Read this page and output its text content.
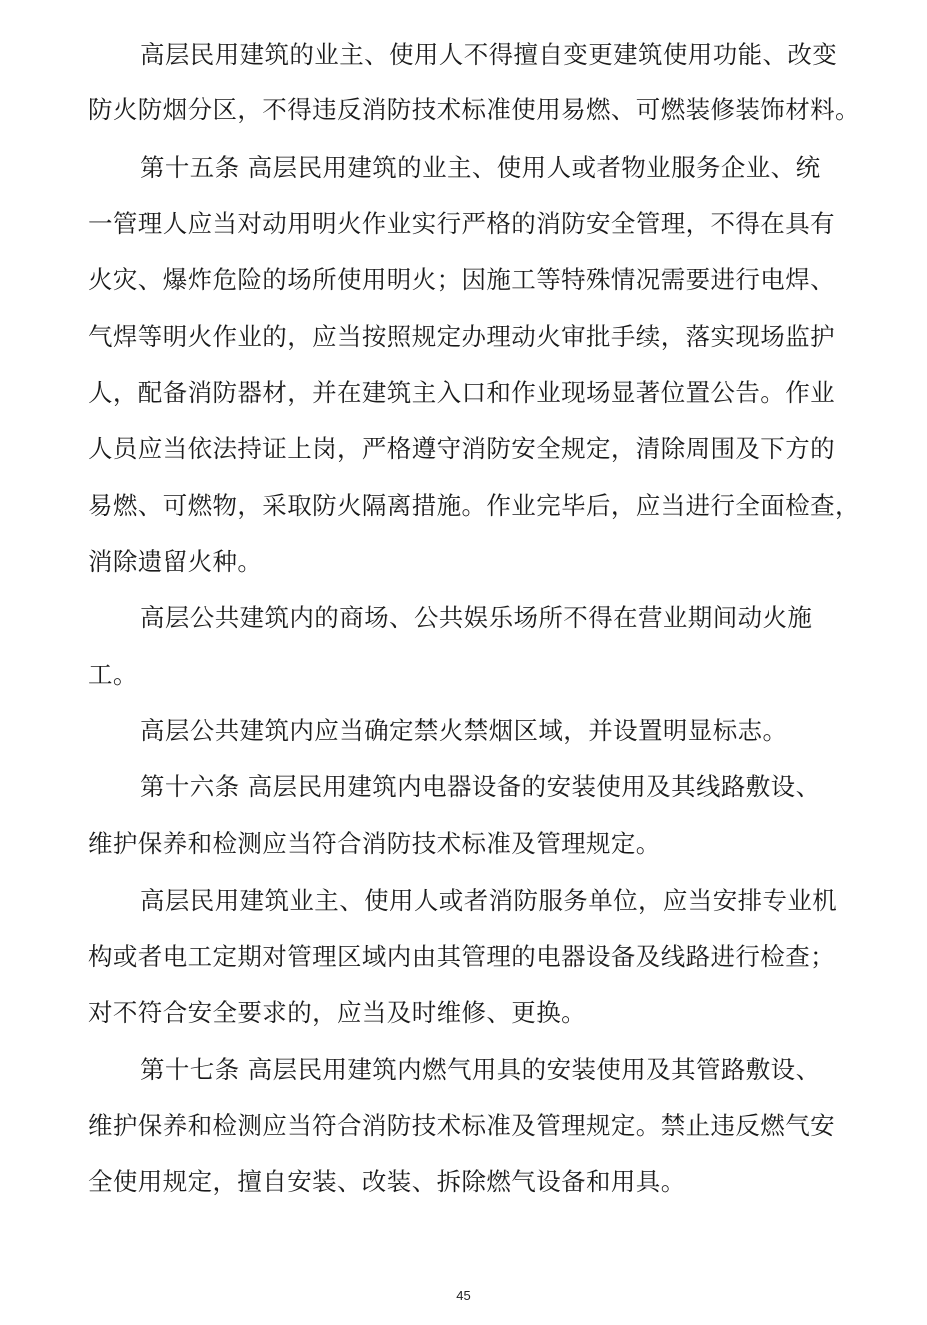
高层民用建筑的业主、使用人不得擅自变更建筑使用功能、改变
防火防烟分区，不得违反消防技术标准使用易燃、可燃装修装饰材料。
第十五条 高层民用建筑的业主、使用人或者物业服务企业、统
一管理人应当对动用明火作业实行严格的消防安全管理，不得在具有
火灾、爆炸危险的场所使用明火；因施工等特殊情况需要进行电焊、
气焊等明火作业的，应当按照规定办理动火审批手续，落实现场监护
人，配备消防器材，并在建筑主入口和作业现场显著位置公告。作业
人员应当依法持证上岗，严格遵守消防安全规定，清除周围及下方的
易燃、可燃物，采取防火隔离措施。作业完毕后，应当进行全面检查，
消除遗留火种。
高层公共建筑内的商场、公共娱乐场所不得在营业期间动火施
工。
高层公共建筑内应当确定禁火禁烟区域，并设置明显标志。
第十六条 高层民用建筑内电器设备的安装使用及其线路敷设、
维护保养和检测应当符合消防技术标准及管理规定。
高层民用建筑业主、使用人或者消防服务单位，应当安排专业机
构或者电工定期对管理区域内由其管理的电器设备及线路进行检查；
对不符合安全要求的，应当及时维修、更换。
第十七条 高层民用建筑内燃气用具的安装使用及其管路敷设、
维护保养和检测应当符合消防技术标准及管理规定。禁止违反燃气安
全使用规定，擅自安装、改装、拆除燃气设备和用具。
45
